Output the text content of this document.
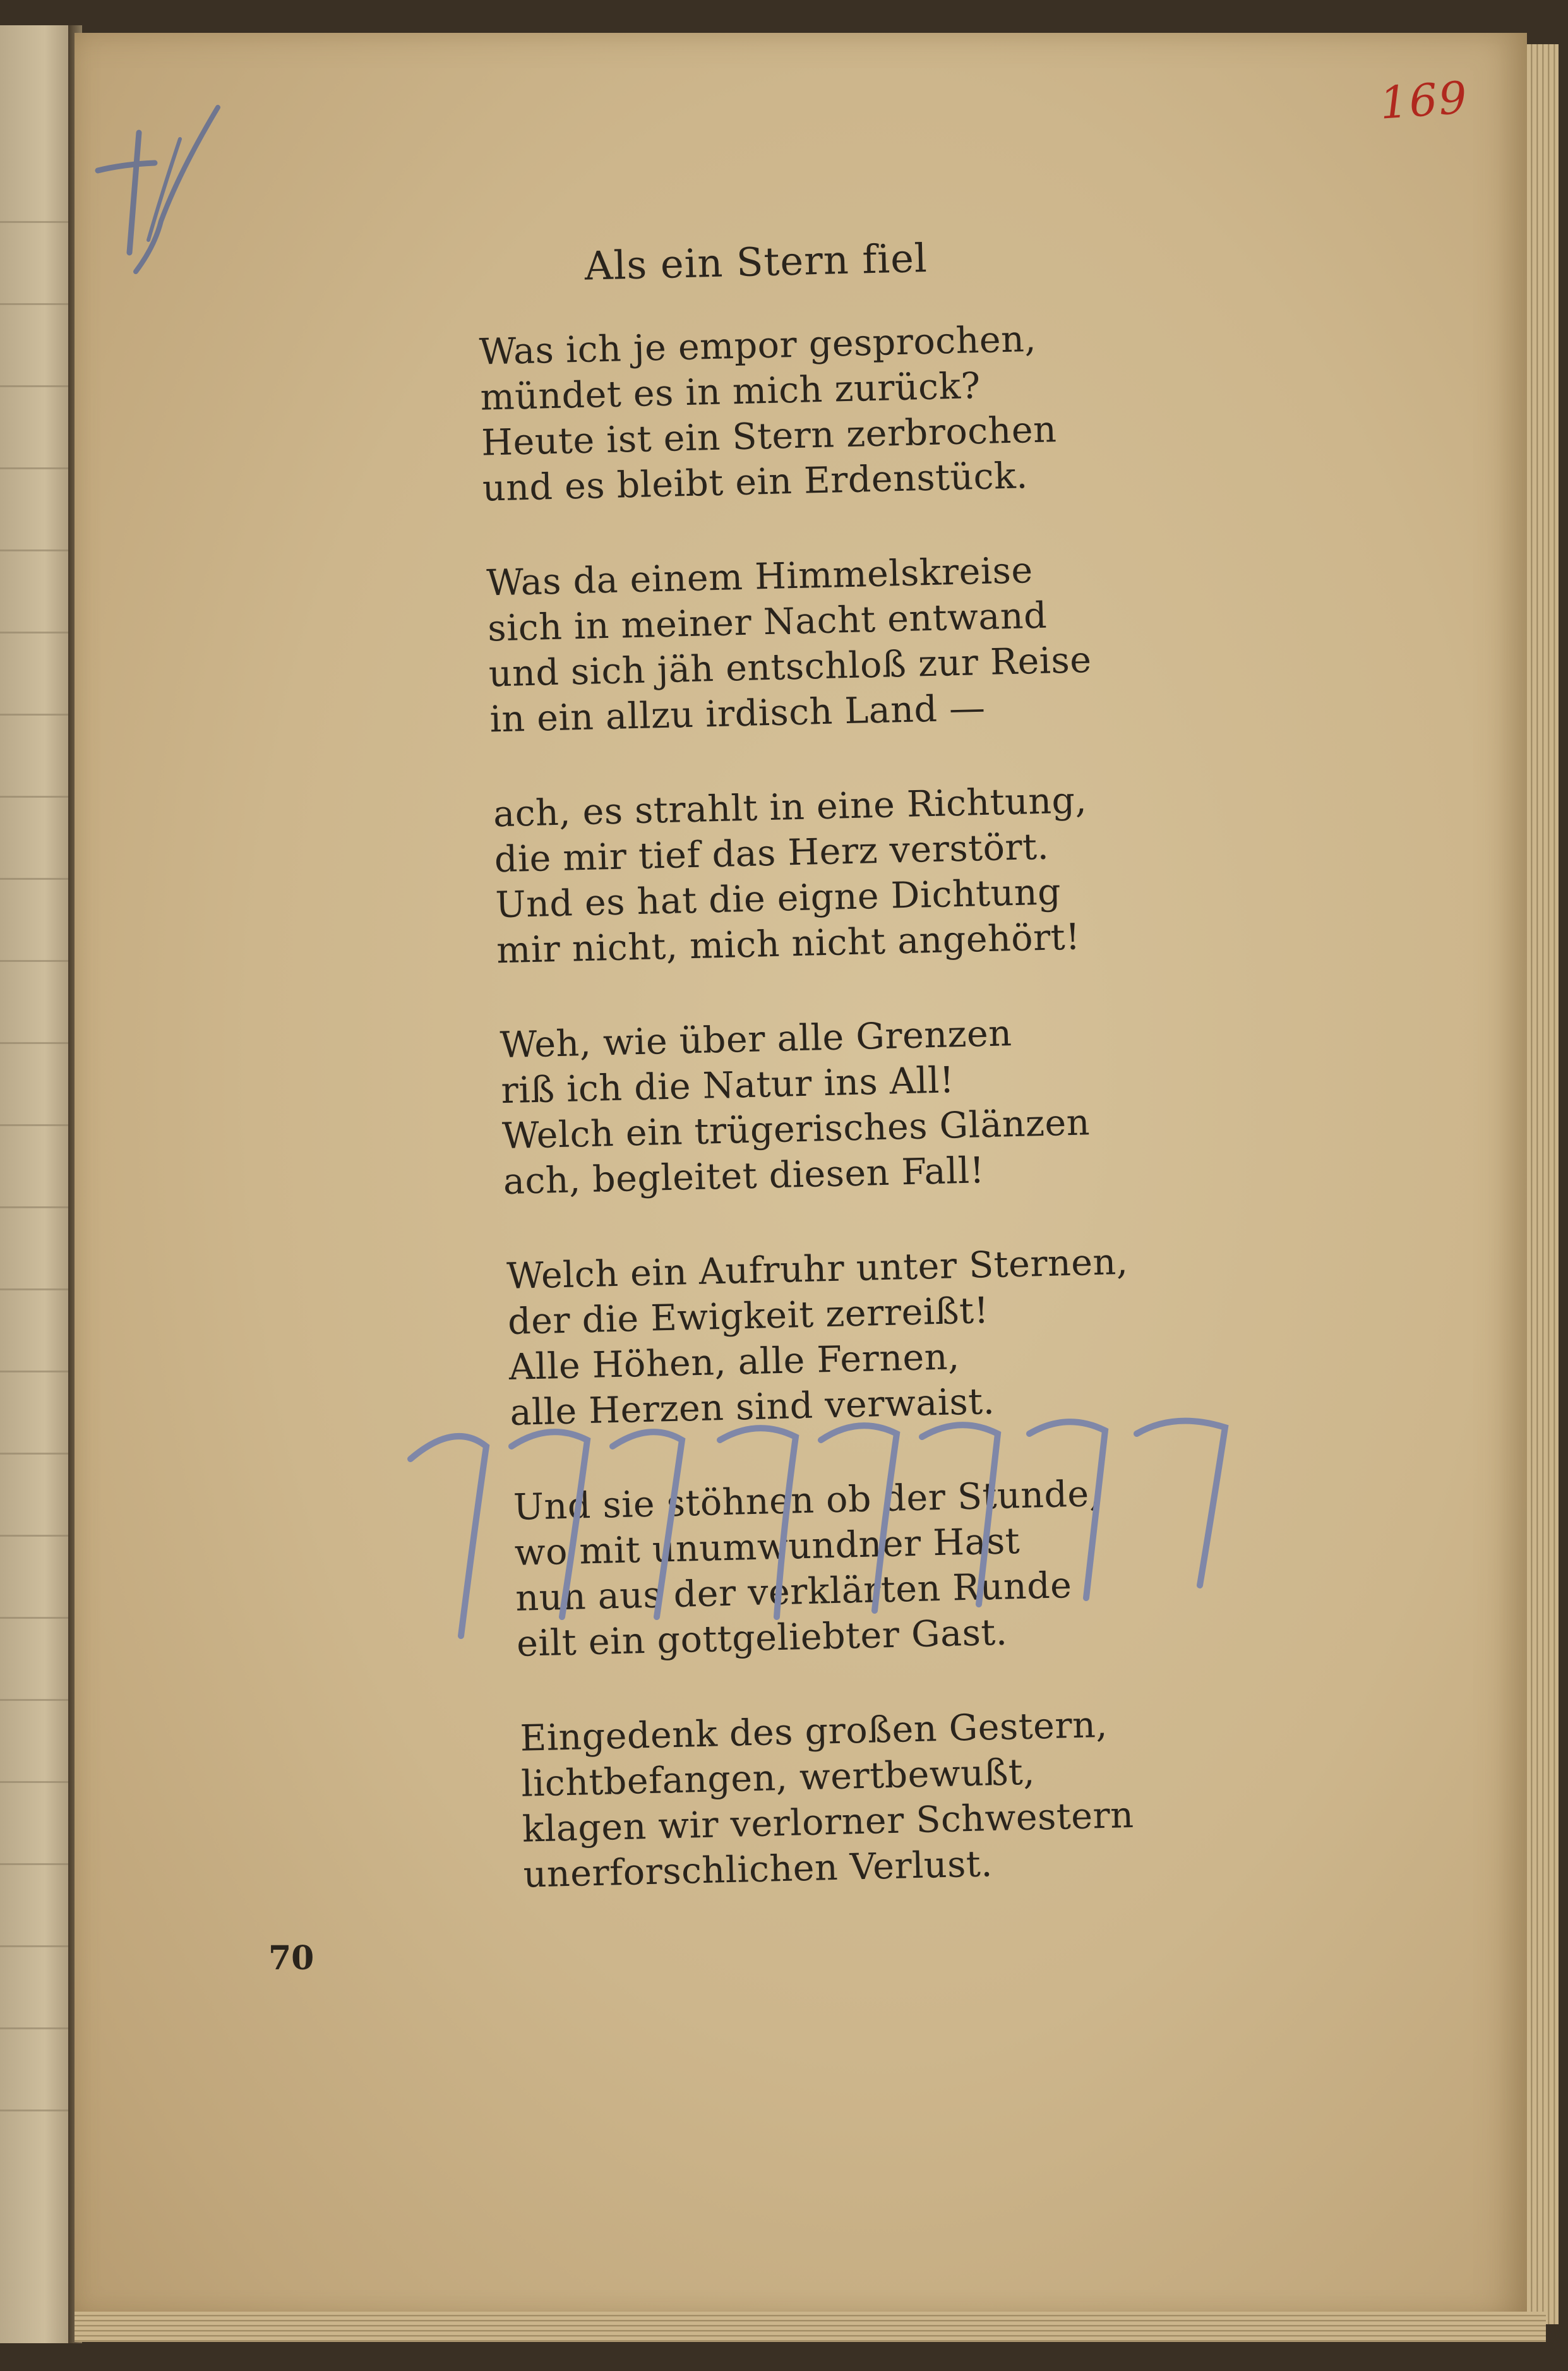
169
Als ein Stern fiel
Was ich je empor gesprochen,
mündet es in mich zurück?
Heute ist ein Stern zerbrochen
und es bleibt ein Erdenstück.
Was da einem Himmelskreise
sich in meiner Nacht entwand
und sich jäh entschloß zur Reise
in ein allzu irdisch Land —
ach, es strahlt in eine Richtung,
die mir tief das Herz verstört.
Und es hat die eigne Dichtung
mir nicht, mich nicht angehört!
Weh, wie über alle Grenzen
riß ich die Natur ins All!
Welch ein trügerisches Glänzen
ach, begleitet diesen Fall!
Welch ein Aufruhr unter Sternen,
der die Ewigkeit zerreißt!
Alle Höhen, alle Fernen,
alle Herzen sind verwaist.
Und sie stöhnen ob der Stunde,
wo mit unumwundner Hast
nun aus der verklärten Runde
eilt ein gottgeliebter Gast.
Eingedenk des großen Gestern,
lichtbefangen, wertbewußt,
klagen wir verlorner Schwestern
unerforschlichen Verlust.
70
